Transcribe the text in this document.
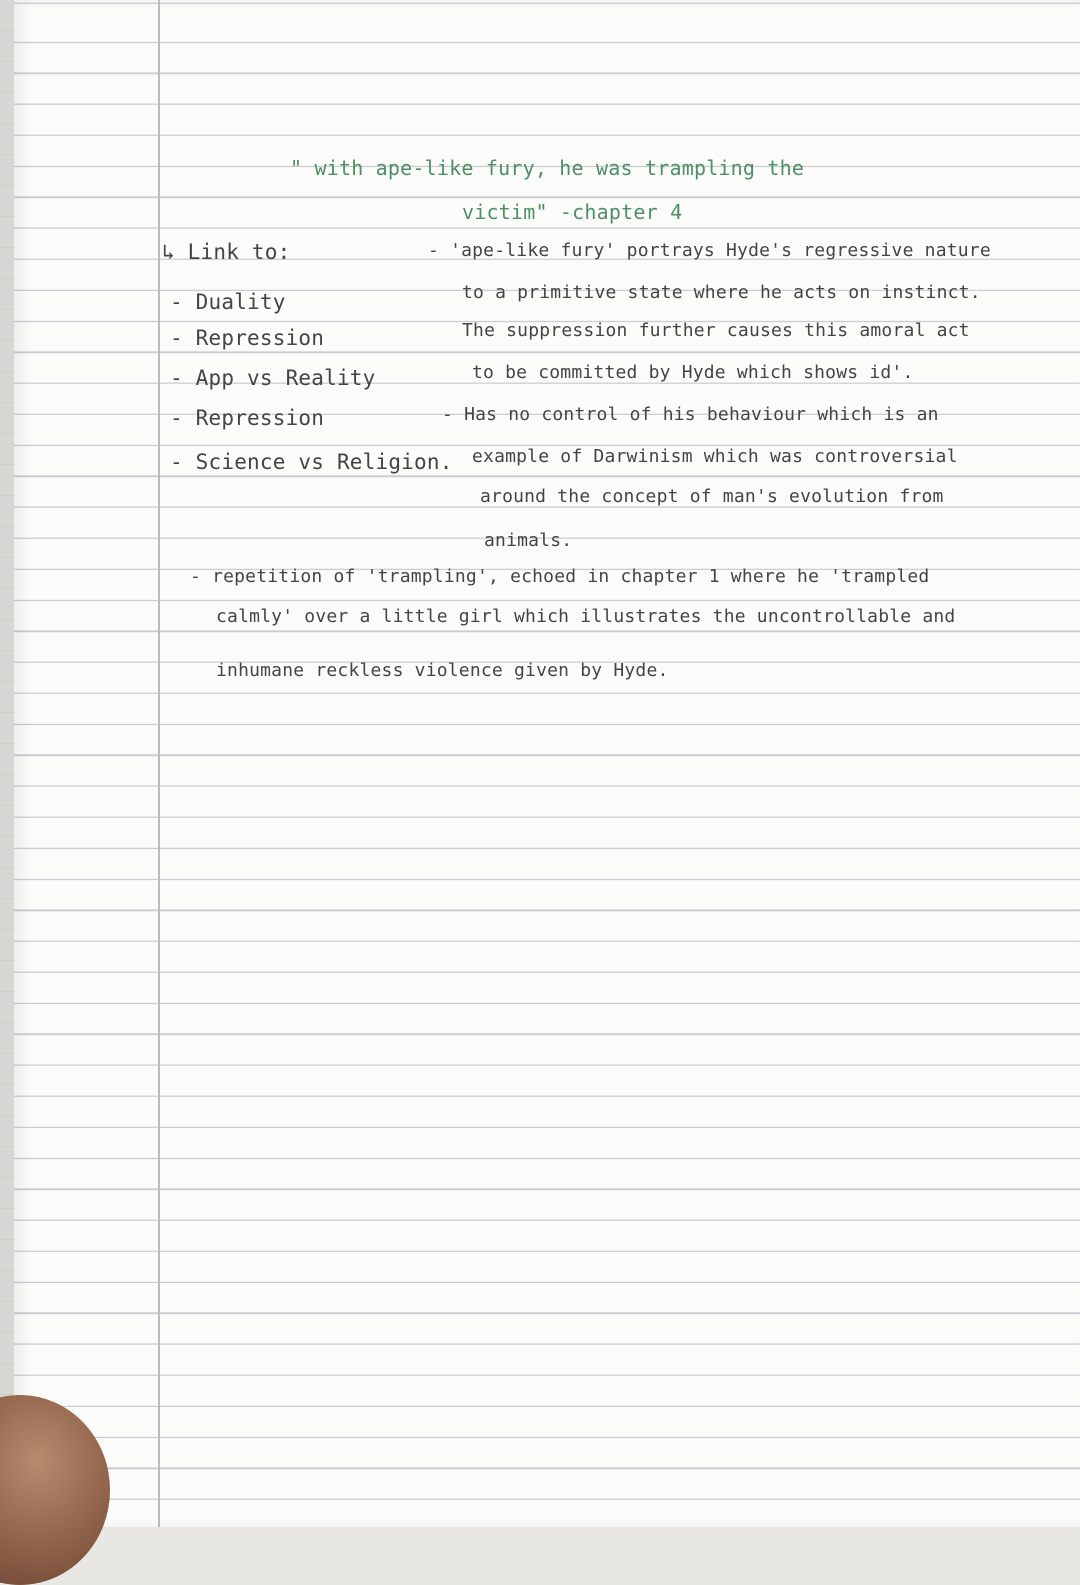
" with ape-like fury, he was trampling the
victim" -chapter 4
↳ Link to:
- Duality
- Repression
- App vs Reality
- Repression
- Science vs Religion.
- 'ape-like fury' portrays Hyde's regressive nature
to a primitive state where he acts on instinct.
The suppression further causes this amoral act
to be committed by Hyde which shows id'.
- Has no control of his behaviour which is an
example of Darwinism which was controversial
around the concept of man's evolution from
animals.
- repetition of 'trampling', echoed in chapter 1 where he 'trampled
calmly' over a little girl which illustrates the uncontrollable and
inhumane reckless violence given by Hyde.
